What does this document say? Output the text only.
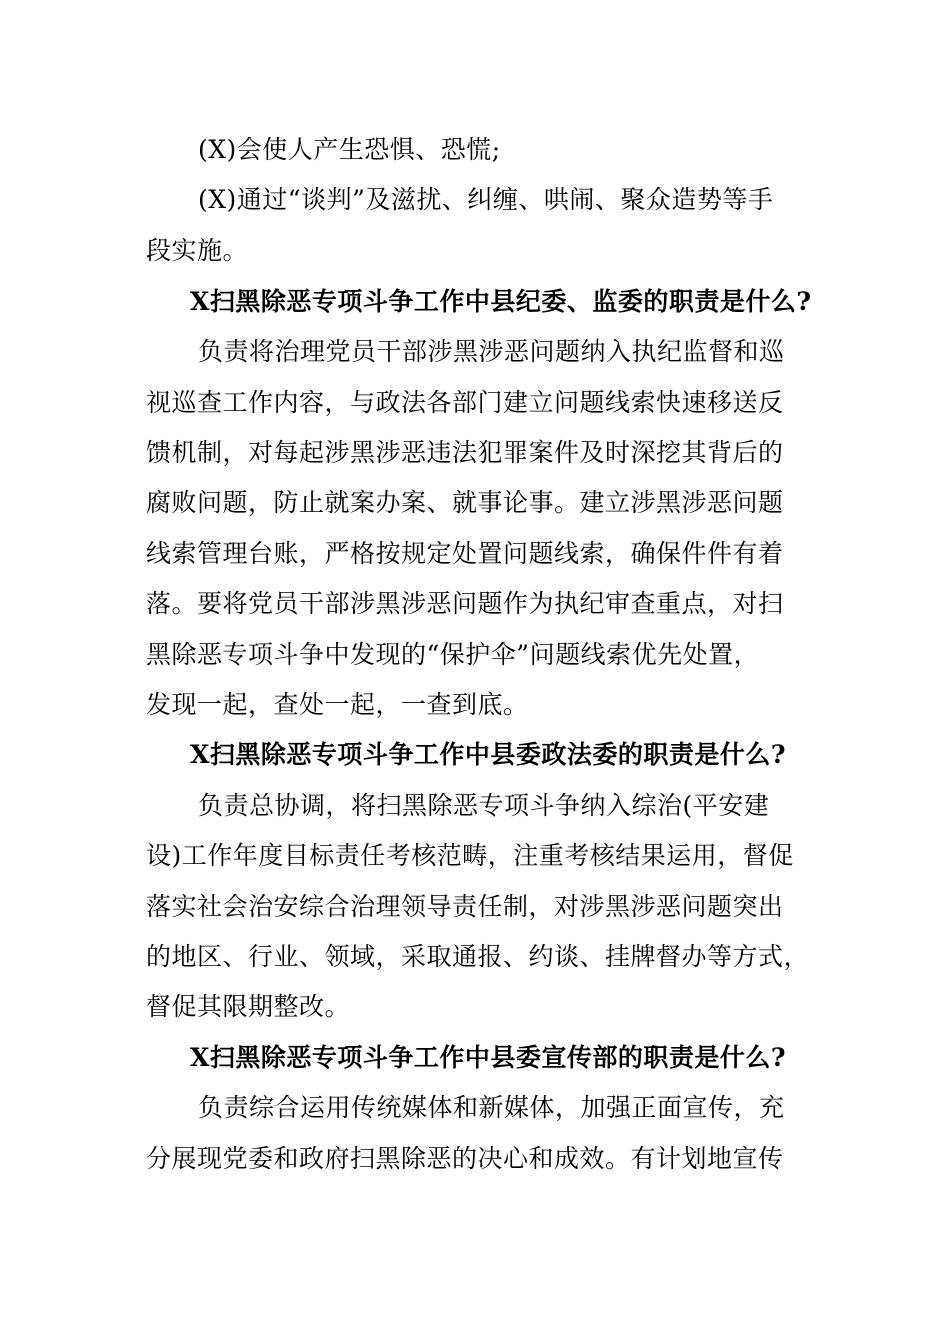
(X)会使人产生恐惧、恐慌;
(X)通过“谈判”及滋扰、纠缠、哄闹、聚众造势等手
段实施。
X扫黑除恶专项斗争工作中县纪委、监委的职责是什么?
负责将治理党员干部涉黑涉恶问题纳入执纪监督和巡
视巡查工作内容，与政法各部门建立问题线索快速移送反
馈机制，对每起涉黑涉恶违法犯罪案件及时深挖其背后的
腐败问题，防止就案办案、就事论事。建立涉黑涉恶问题
线索管理台账，严格按规定处置问题线索，确保件件有着
落。要将党员干部涉黑涉恶问题作为执纪审查重点，对扫
黑除恶专项斗争中发现的“保护伞”问题线索优先处置，
发现一起，查处一起，一查到底。
X扫黑除恶专项斗争工作中县委政法委的职责是什么?
负责总协调，将扫黑除恶专项斗争纳入综治(平安建
设)工作年度目标责任考核范畴，注重考核结果运用，督促
落实社会治安综合治理领导责任制，对涉黑涉恶问题突出
的地区、行业、领域，采取通报、约谈、挂牌督办等方式，
督促其限期整改。
X扫黑除恶专项斗争工作中县委宣传部的职责是什么?
负责综合运用传统媒体和新媒体，加强正面宣传，充
分展现党委和政府扫黑除恶的决心和成效。有计划地宣传
